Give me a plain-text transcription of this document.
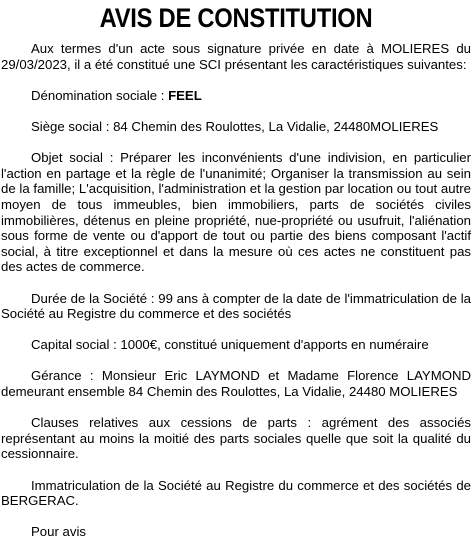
AVIS DE CONSTITUTION

Aux termes d'un acte sous signature privée en date à MOLIERES du 29/03/2023, il a été constitué une SCI présentant les caractéristiques suivantes:

Dénomination sociale : FEEL

Siège social : 84 Chemin des Roulottes, La Vidalie, 24480MOLIERES

Objet social : Préparer les inconvénients d'une indivision, en particulier l'action en partage et la règle de l'unanimité; Organiser la transmission au sein de la famille; L'acquisition, l'administration et la gestion par location ou tout autre moyen de tous immeubles, bien immobiliers, parts de sociétés civiles immobilières, détenus en pleine propriété, nue-propriété ou usufruit, l'aliénation sous forme de vente ou d'apport de tout ou partie des biens composant l'actif social, à titre exceptionnel et dans la mesure où ces actes ne constituent pas des actes de commerce.

Durée de la Société : 99 ans à compter de la date de l'immatriculation de la Société au Registre du commerce et des sociétés

Capital social : 1000€, constitué uniquement d'apports en numéraire

Gérance : Monsieur Eric LAYMOND et Madame Florence LAYMOND demeurant ensemble 84 Chemin des Roulottes, La Vidalie, 24480 MOLIERES

Clauses relatives aux cessions de parts : agrément des associés représentant au moins la moitié des parts sociales quelle que soit la qualité du cessionnaire.

Immatriculation de la Société au Registre du commerce et des sociétés de BERGERAC.

Pour avis
